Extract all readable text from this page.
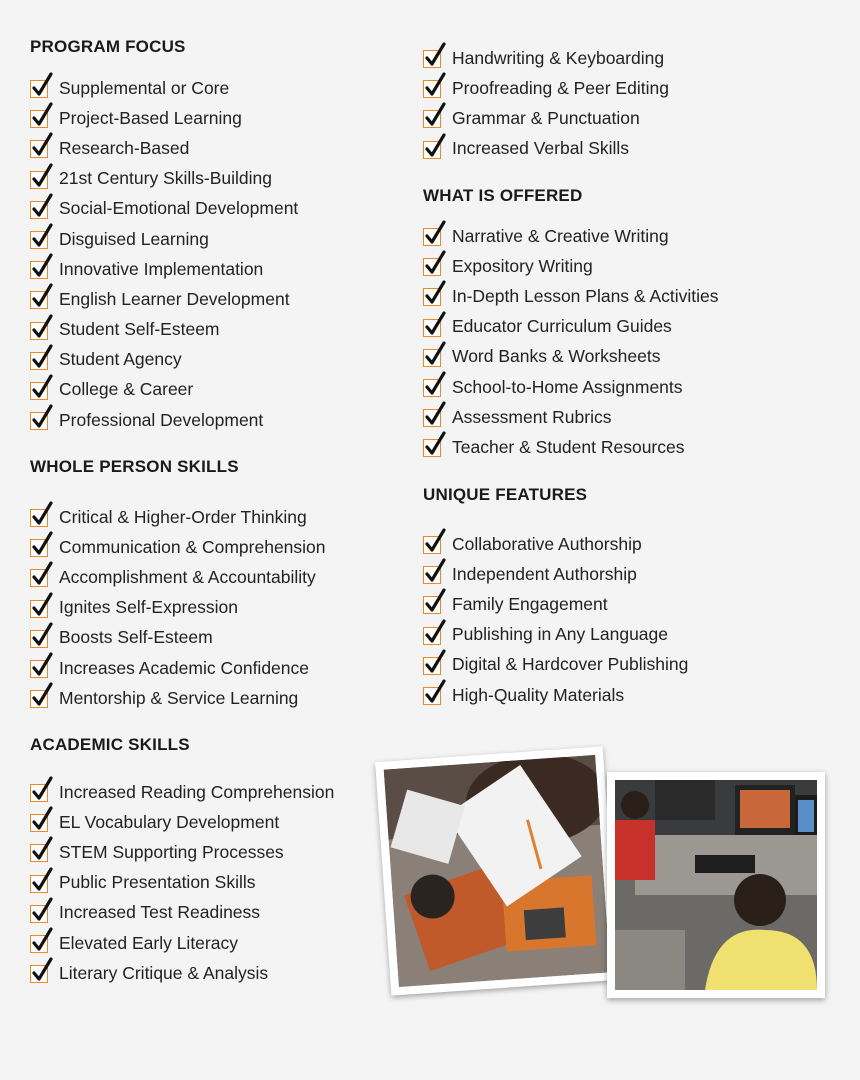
PROGRAM FOCUS
Supplemental or Core
Project-Based Learning
Research-Based
21st Century Skills-Building
Social-Emotional Development
Disguised Learning
Innovative Implementation
English Learner Development
Student Self-Esteem
Student Agency
College & Career
Professional Development
WHOLE PERSON SKILLS
Critical & Higher-Order Thinking
Communication & Comprehension
Accomplishment & Accountability
Ignites Self-Expression
Boosts Self-Esteem
Increases Academic Confidence
Mentorship & Service Learning
ACADEMIC SKILLS
Increased Reading Comprehension
EL Vocabulary Development
STEM Supporting Processes
Public Presentation Skills
Increased Test Readiness
Elevated Early Literacy
Literary Critique & Analysis
Handwriting & Keyboarding
Proofreading & Peer Editing
Grammar & Punctuation
Increased Verbal Skills
WHAT IS OFFERED
Narrative & Creative Writing
Expository Writing
In-Depth Lesson Plans & Activities
Educator Curriculum Guides
Word Banks & Worksheets
School-to-Home Assignments
Assessment Rubrics
Teacher & Student Resources
UNIQUE FEATURES
Collaborative Authorship
Independent Authorship
Family Engagement
Publishing in Any Language
Digital & Hardcover Publishing
High-Quality Materials
